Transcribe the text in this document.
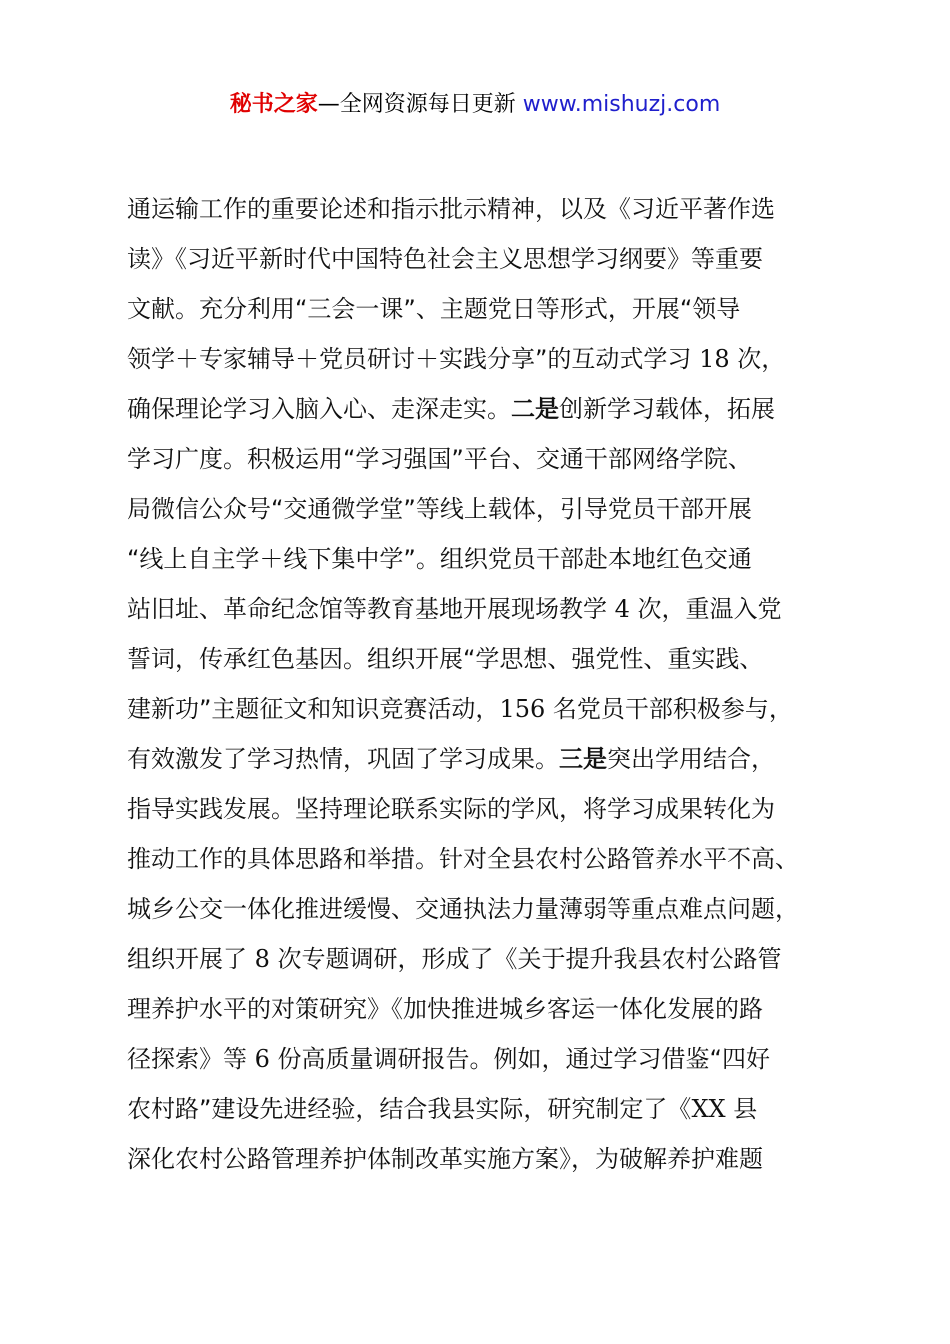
秘书之家—全网资源每日更新 www.mishuzj.com
通运输工作的重要论述和指示批示精神，以及《习近平著作选
读》《习近平新时代中国特色社会主义思想学习纲要》等重要
文献。充分利用“三会一课”、主题党日等形式，开展“领导
领学＋专家辅导＋党员研讨＋实践分享”的互动式学习 18 次，
确保理论学习入脑入心、走深走实。二是创新学习载体，拓展
学习广度。积极运用“学习强国”平台、交通干部网络学院、
局微信公众号“交通微学堂”等线上载体，引导党员干部开展
“线上自主学＋线下集中学”。组织党员干部赴本地红色交通
站旧址、革命纪念馆等教育基地开展现场教学 4 次，重温入党
誓词，传承红色基因。组织开展“学思想、强党性、重实践、
建新功”主题征文和知识竞赛活动，156 名党员干部积极参与，
有效激发了学习热情，巩固了学习成果。三是突出学用结合，
指导实践发展。坚持理论联系实际的学风，将学习成果转化为
推动工作的具体思路和举措。针对全县农村公路管养水平不高、
城乡公交一体化推进缓慢、交通执法力量薄弱等重点难点问题，
组织开展了 8 次专题调研，形成了《关于提升我县农村公路管
理养护水平的对策研究》《加快推进城乡客运一体化发展的路
径探索》等 6 份高质量调研报告。例如，通过学习借鉴“四好
农村路”建设先进经验，结合我县实际，研究制定了《XX 县
深化农村公路管理养护体制改革实施方案》，为破解养护难题
